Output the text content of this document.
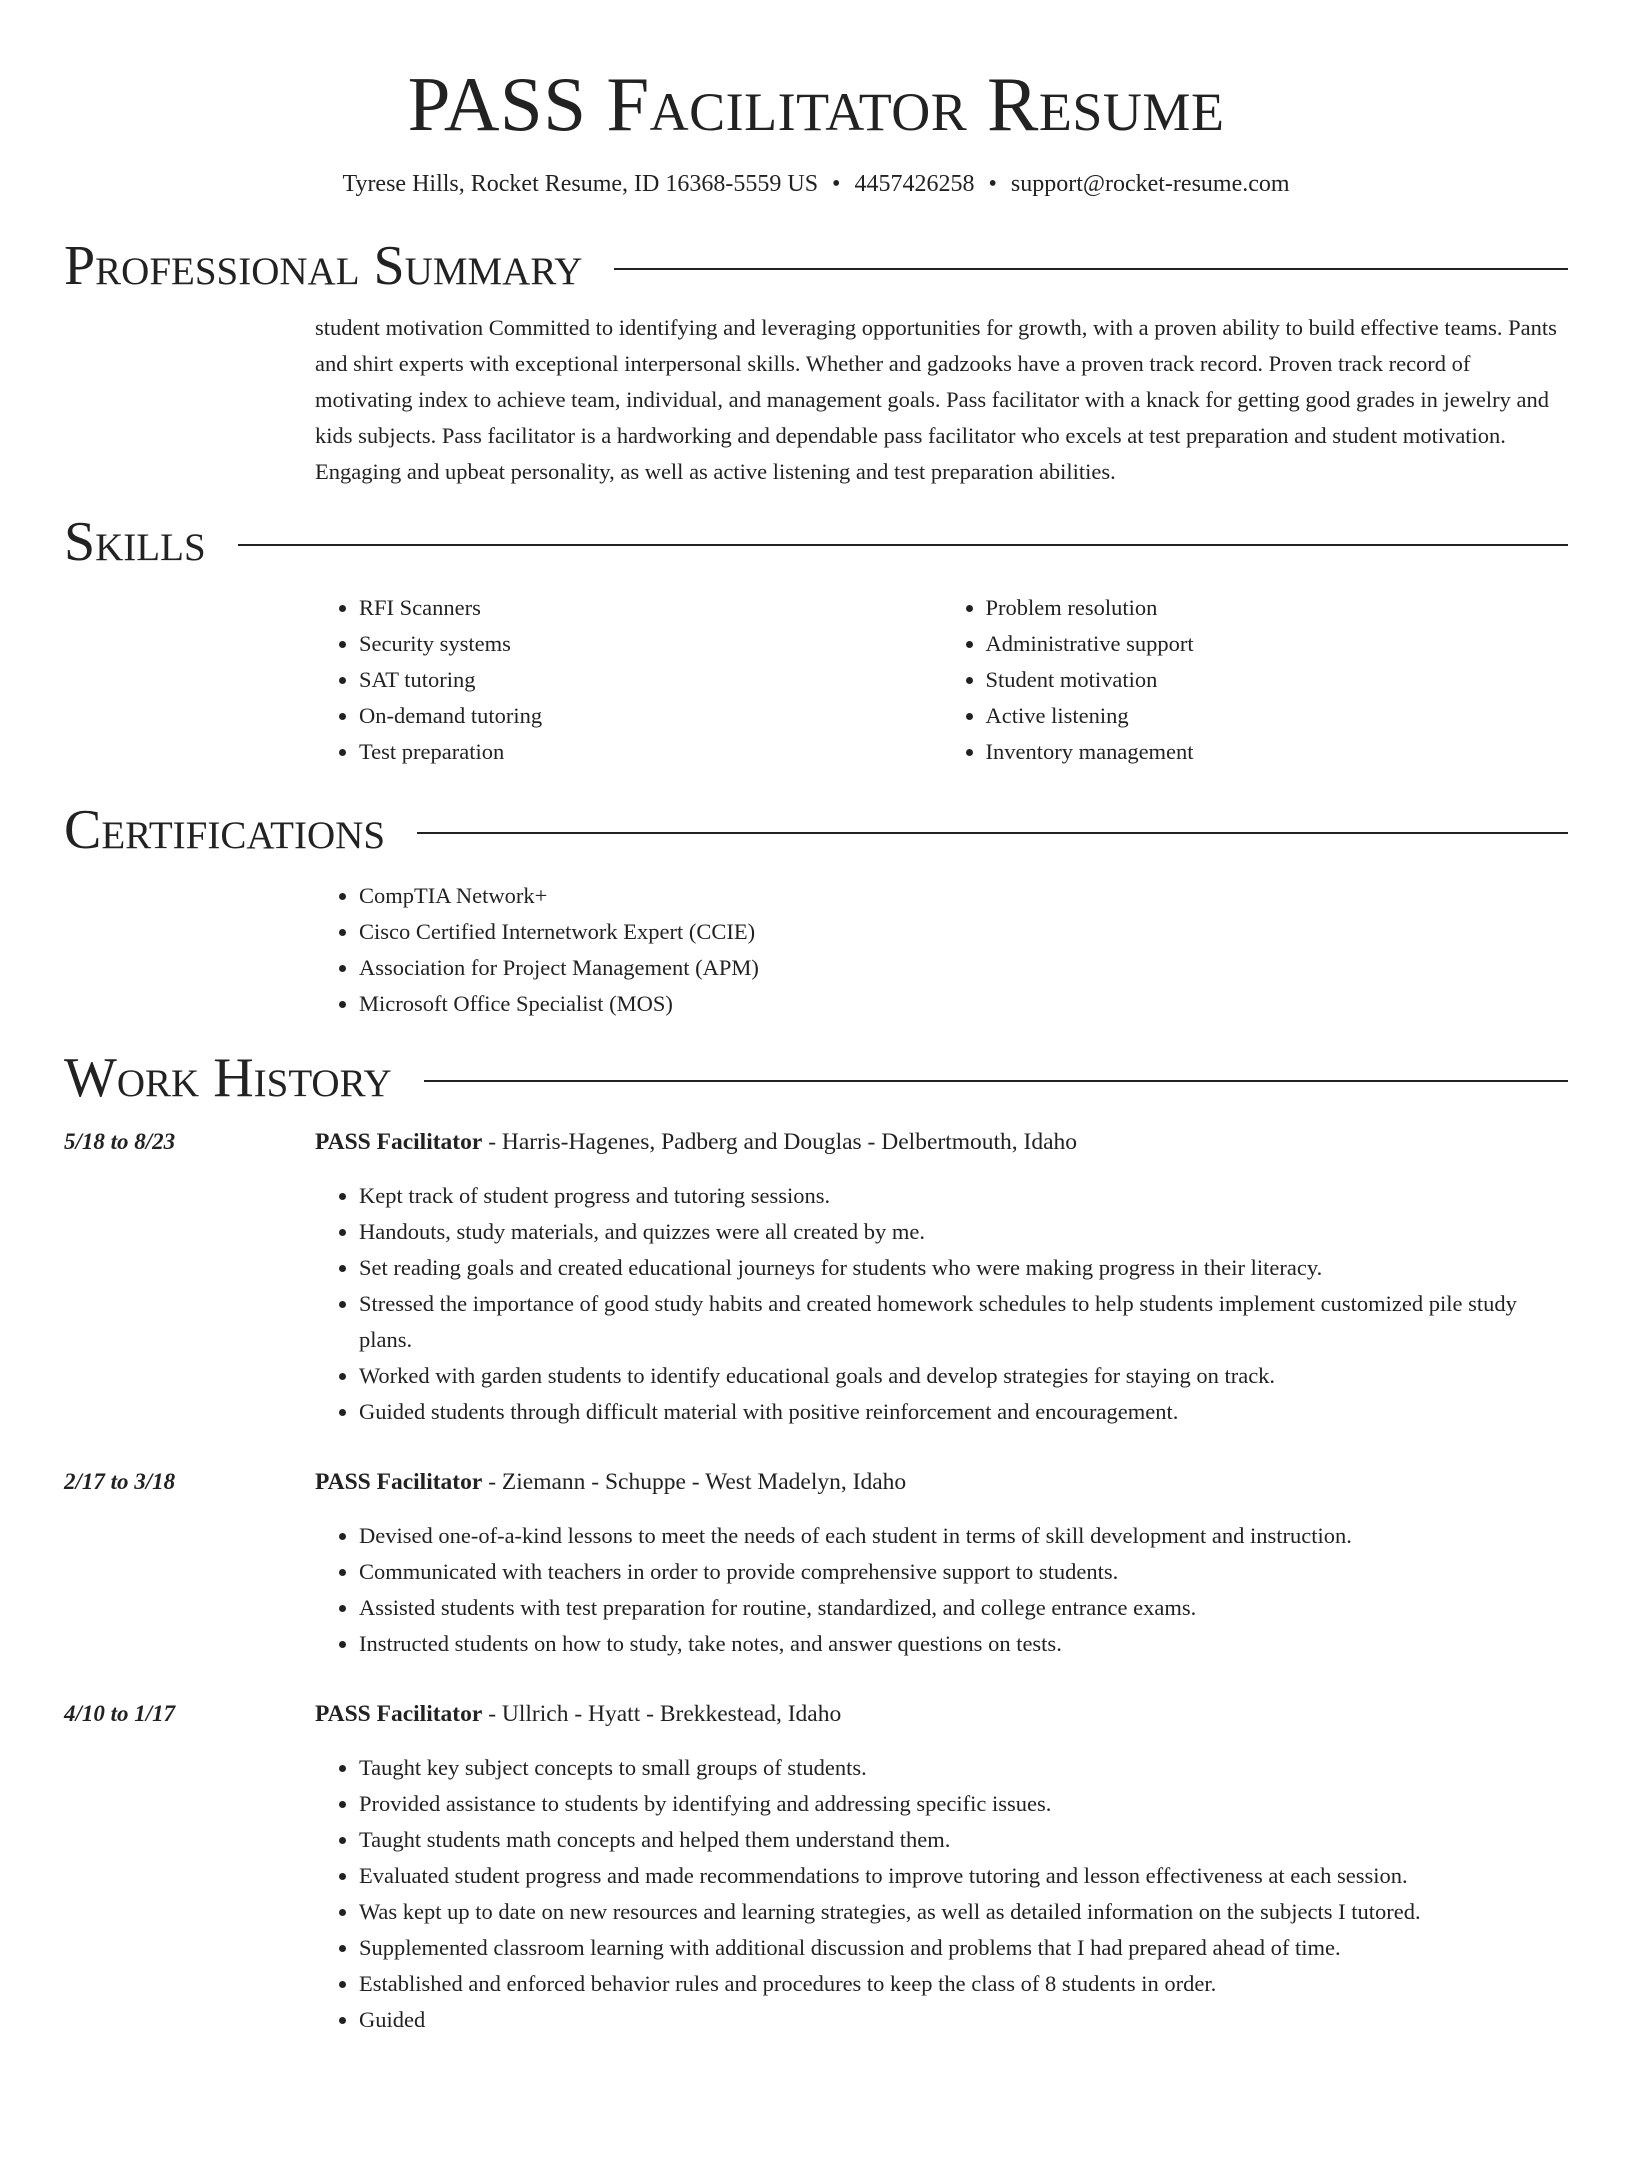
PASS Facilitator Resume
Tyrese Hills, Rocket Resume, ID 16368-5559 US • 4457426258 • support@rocket-resume.com
Professional Summary

student motivation Committed to identifying and leveraging opportunities for growth, with a proven ability to build effective teams. Pants and shirt experts with exceptional interpersonal skills. Whether and gadzooks have a proven track record. Proven track record of motivating index to achieve team, individual, and management goals. Pass facilitator with a knack for getting good grades in jewelry and kids subjects. Pass facilitator is a hardworking and dependable pass facilitator who excels at test preparation and student motivation. Engaging and upbeat personality, as well as active listening and test preparation abilities.

Skills
• RFI Scanners
• Security systems
• SAT tutoring
• On-demand tutoring
• Test preparation
• Problem resolution
• Administrative support
• Student motivation
• Active listening
• Inventory management
Certifications
• CompTIA Network+
• Cisco Certified Internetwork Expert (CCIE)
• Association for Project Management (APM)
• Microsoft Office Specialist (MOS)
Work History
5/18 to 8/23	PASS Facilitator - Harris-Hagenes, Padberg and Douglas - Delbertmouth, Idaho
• Kept track of student progress and tutoring sessions.
• Handouts, study materials, and quizzes were all created by me.
• Set reading goals and created educational journeys for students who were making progress in their literacy.
• Stressed the importance of good study habits and created homework schedules to help students implement customized pile study plans.
• Worked with garden students to identify educational goals and develop strategies for staying on track.
• Guided students through difficult material with positive reinforcement and encouragement.
2/17 to 3/18	PASS Facilitator - Ziemann - Schuppe - West Madelyn, Idaho
• Devised one-of-a-kind lessons to meet the needs of each student in terms of skill development and instruction.
• Communicated with teachers in order to provide comprehensive support to students.
• Assisted students with test preparation for routine, standardized, and college entrance exams.
• Instructed students on how to study, take notes, and answer questions on tests.
4/10 to 1/17	PASS Facilitator - Ullrich - Hyatt - Brekkestead, Idaho
• Taught key subject concepts to small groups of students.
• Provided assistance to students by identifying and addressing specific issues.
• Taught students math concepts and helped them understand them.
• Evaluated student progress and made recommendations to improve tutoring and lesson effectiveness at each session.
• Was kept up to date on new resources and learning strategies, as well as detailed information on the subjects I tutored.
• Supplemented classroom learning with additional discussion and problems that I had prepared ahead of time.
• Established and enforced behavior rules and procedures to keep the class of 8 students in order.
• Guided
